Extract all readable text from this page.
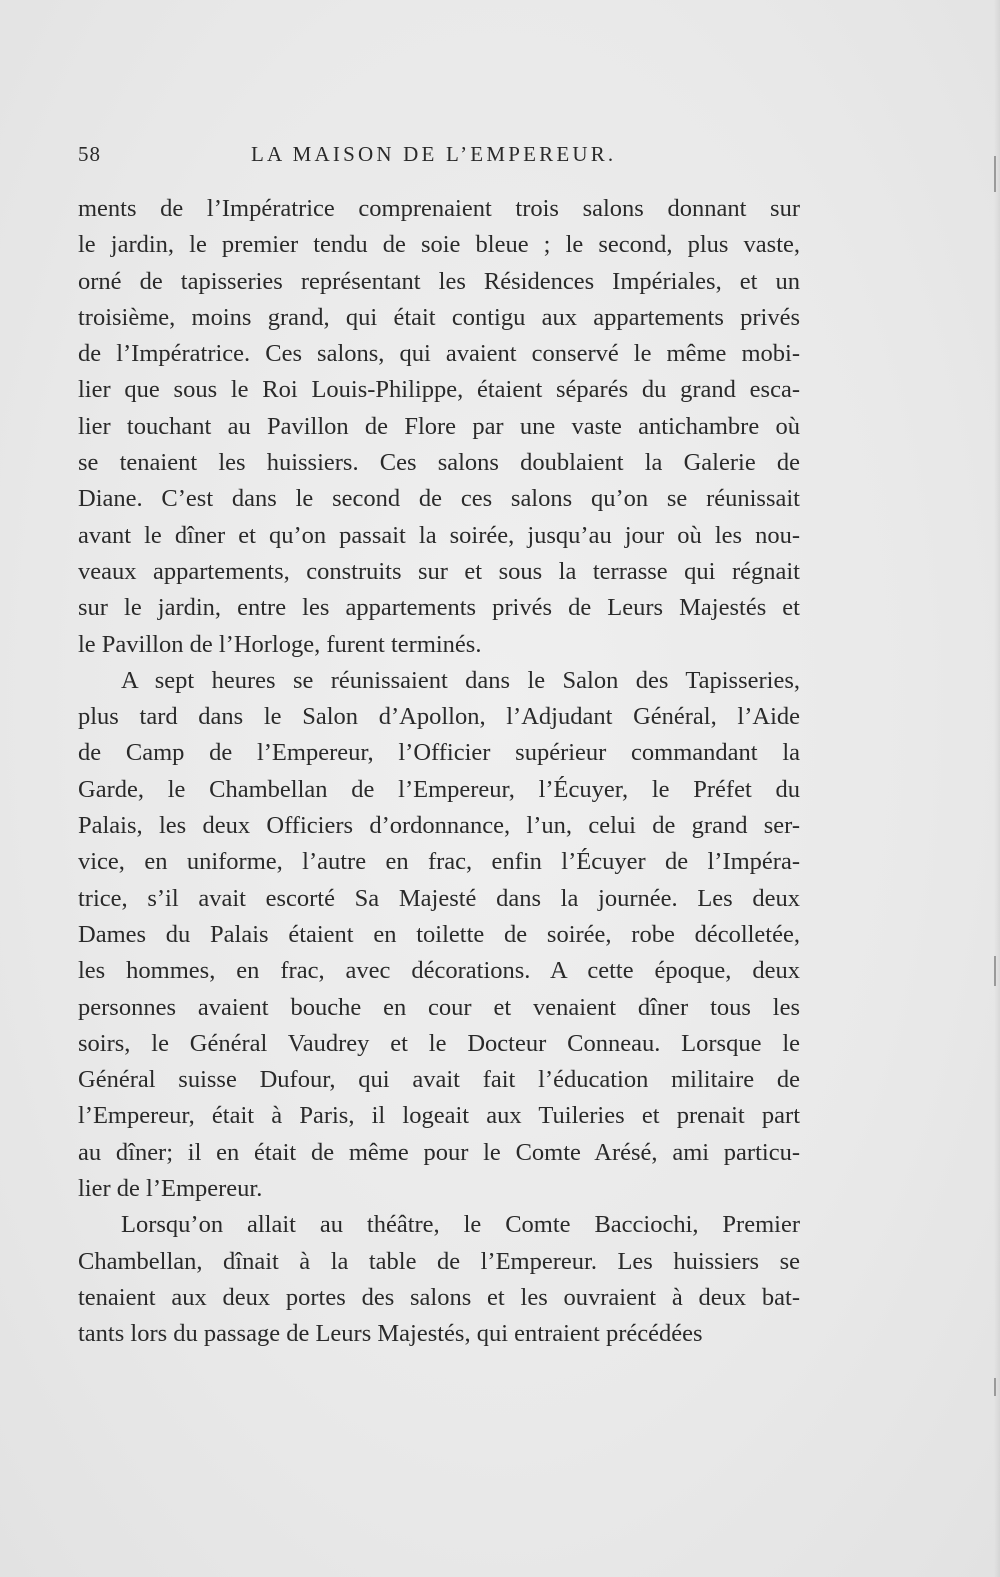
58	LA MAISON DE L’EMPEREUR.
ments de l’Impératrice comprenaient trois salons donnant sur
le jardin, le premier tendu de soie bleue ; le second, plus vaste,
orné de tapisseries représentant les Résidences Impériales, et un
troisième, moins grand, qui était contigu aux appartements privés
de l’Impératrice. Ces salons, qui avaient conservé le même mobi-
lier que sous le Roi Louis-Philippe, étaient séparés du grand esca-
lier touchant au Pavillon de Flore par une vaste antichambre où
se tenaient les huissiers. Ces salons doublaient la Galerie de
Diane. C’est dans le second de ces salons qu’on se réunissait
avant le dîner et qu’on passait la soirée, jusqu’au jour où les nou-
veaux appartements, construits sur et sous la terrasse qui régnait
sur le jardin, entre les appartements privés de Leurs Majestés et
le Pavillon de l’Horloge, furent terminés.
A sept heures se réunissaient dans le Salon des Tapisseries,
plus tard dans le Salon d’Apollon, l’Adjudant Général, l’Aide
de Camp de l’Empereur, l’Officier supérieur commandant la
Garde, le Chambellan de l’Empereur, l’Écuyer, le Préfet du
Palais, les deux Officiers d’ordonnance, l’un, celui de grand ser-
vice, en uniforme, l’autre en frac, enfin l’Écuyer de l’Impéra-
trice, s’il avait escorté Sa Majesté dans la journée. Les deux
Dames du Palais étaient en toilette de soirée, robe décolletée,
les hommes, en frac, avec décorations. A cette époque, deux
personnes avaient bouche en cour et venaient dîner tous les
soirs, le Général Vaudrey et le Docteur Conneau. Lorsque le
Général suisse Dufour, qui avait fait l’éducation militaire de
l’Empereur, était à Paris, il logeait aux Tuileries et prenait part
au dîner; il en était de même pour le Comte Arésé, ami particu-
lier de l’Empereur.
Lorsqu’on allait au théâtre, le Comte Bacciochi, Premier
Chambellan, dînait à la table de l’Empereur. Les huissiers se
tenaient aux deux portes des salons et les ouvraient à deux bat-
tants lors du passage de Leurs Majestés, qui entraient précédées
